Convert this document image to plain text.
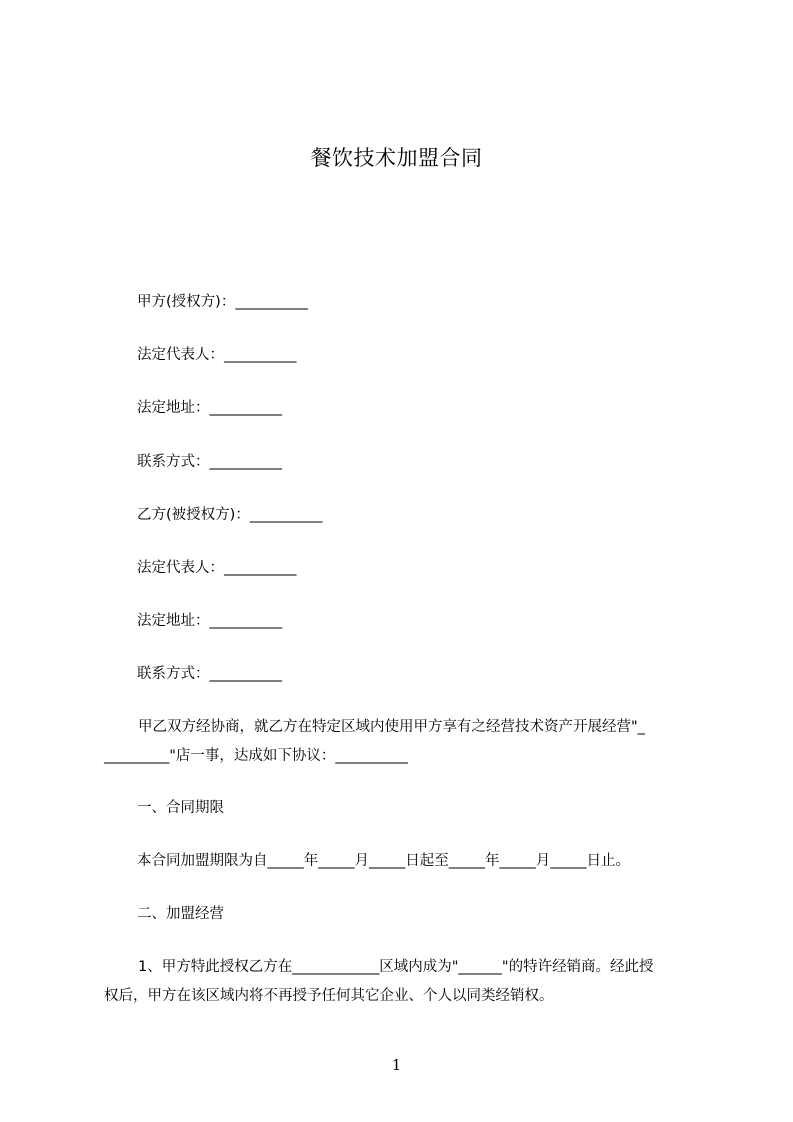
餐饮技术加盟合同
甲方(授权方)：__________
法定代表人：__________
法定地址：__________
联系方式：__________
乙方(被授权方)：__________
法定代表人：__________
法定地址：__________
联系方式：__________
甲乙双方经协商，就乙方在特定区域内使用甲方享有之经营技术资产开展经营"_
_________"店一事，达成如下协议：__________
一、合同期限
本合同加盟期限为自_____年_____月_____日起至_____年_____月_____日止。
二、加盟经营
1、甲方特此授权乙方在____________区域内成为"______"的特许经销商。经此授
权后，甲方在该区域内将不再授予任何其它企业、个人以同类经销权。
1
